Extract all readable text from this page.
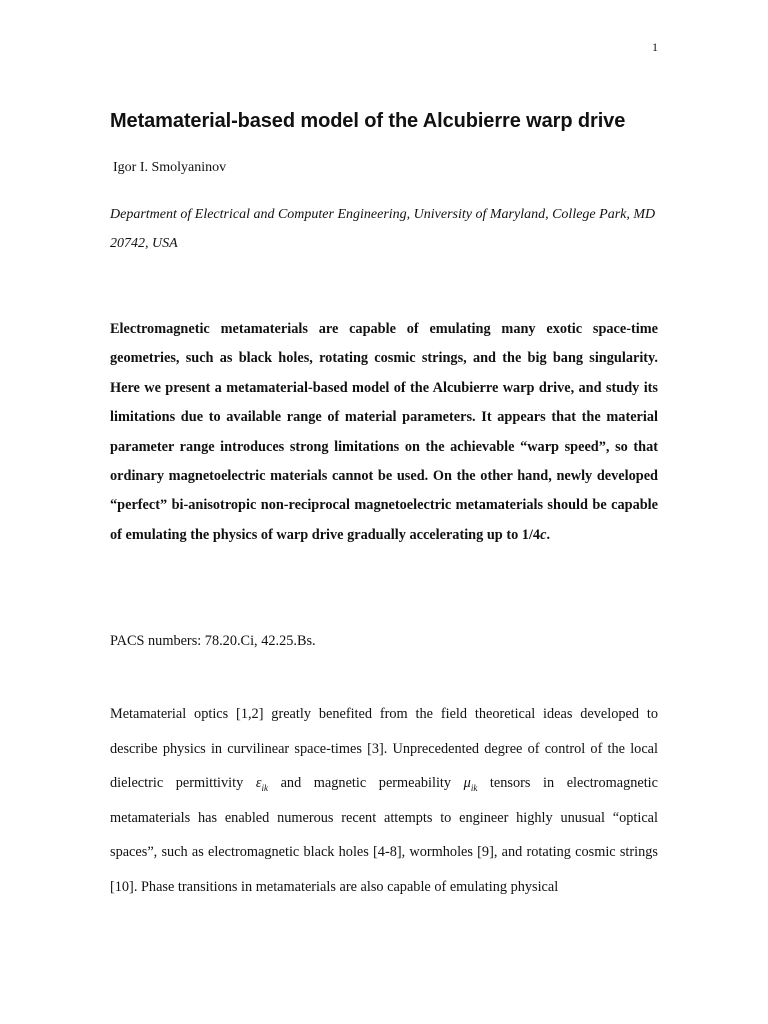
1
Metamaterial-based model of the Alcubierre warp drive
Igor I. Smolyaninov
Department of Electrical and Computer Engineering, University of Maryland, College Park, MD 20742, USA

Electromagnetic metamaterials are capable of emulating many exotic space-time geometries, such as black holes, rotating cosmic strings, and the big bang singularity. Here we present a metamaterial-based model of the Alcubierre warp drive, and study its limitations due to available range of material parameters. It appears that the material parameter range introduces strong limitations on the achievable “warp speed”, so that ordinary magnetoelectric materials cannot be used. On the other hand, newly developed “perfect” bi-anisotropic non-reciprocal magnetoelectric metamaterials should be capable of emulating the physics of warp drive gradually accelerating up to 1/4c.

PACS numbers: 78.20.Ci, 42.25.Bs.

Metamaterial optics [1,2] greatly benefited from the field theoretical ideas developed to describe physics in curvilinear space-times [3]. Unprecedented degree of control of the local dielectric permittivity $\varepsilon_{ik}$ and magnetic permeability $\mu_{ik}$ tensors in electromagnetic metamaterials has enabled numerous recent attempts to engineer highly unusual “optical spaces”, such as electromagnetic black holes [4-8], wormholes [9], and rotating cosmic strings [10]. Phase transitions in metamaterials are also capable of emulating physical
